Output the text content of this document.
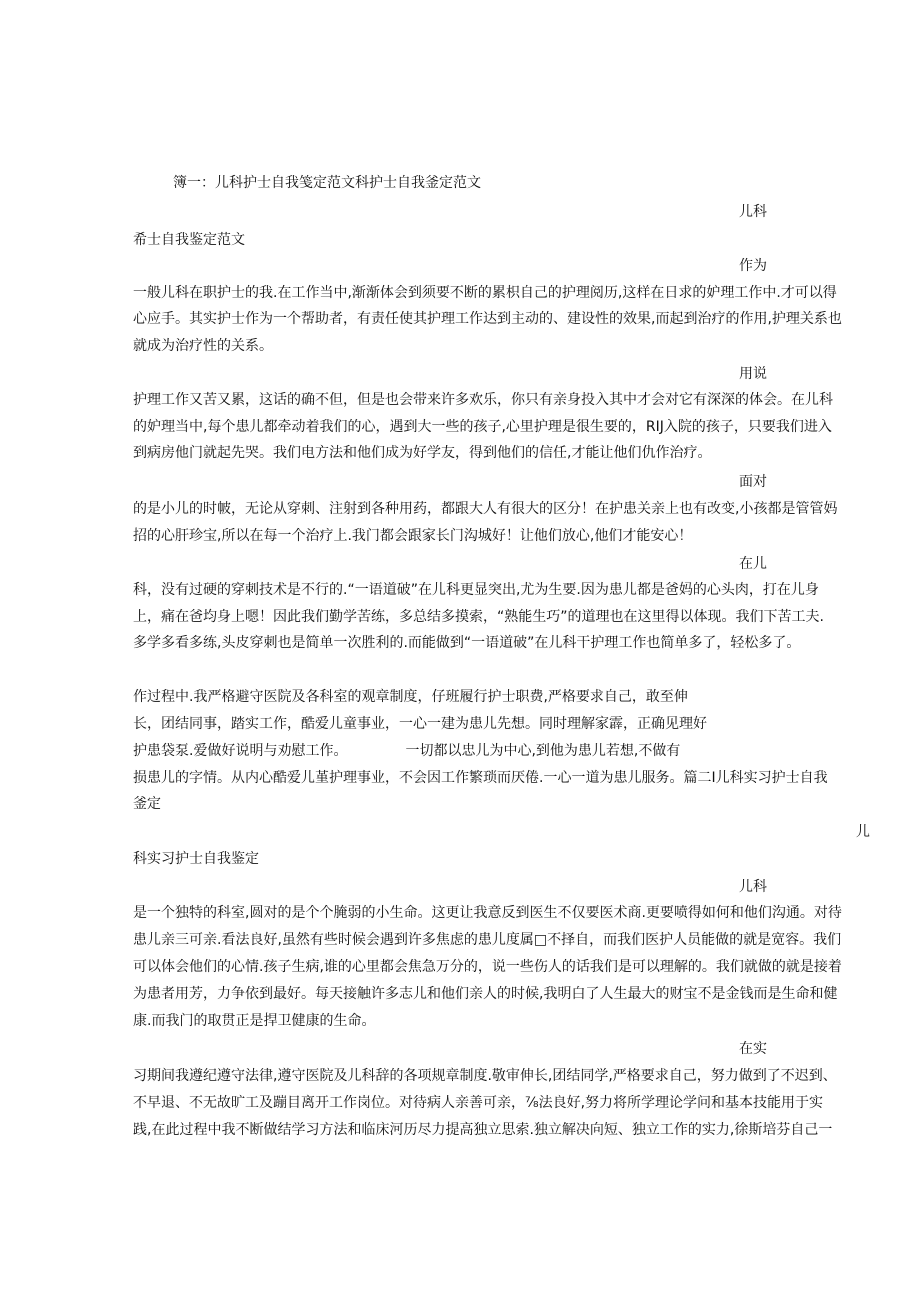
簿一：儿科护士自我笺定范文科护士自我釜定范文

儿科

希士自我鉴定范文

作为

一般儿科在职护士的我.在工作当中,渐渐体会到须要不断的累枳自己的护理阅历,这样在日求的妒理工作中.才可以得

心应手。其实护士作为一个帮助者，有责任使其护理工作达到主动的、建设性的效果,而起到治疗的作用,护理关系也

就成为治疗性的关系。

用说

护理工作又苦又累，这话的确不但，但是也会带来许多欢乐，你只有亲身投入其中才会对它有深深的体会。在儿科

的妒理当中,每个患儿都牵动着我们的心，遇到大一些的孩子,心里护理是很生要的，RIJ入院的孩子，只要我们进入

到病房他门就起先哭。我们电方法和他们成为好学友，得到他们的信任,才能让他们仇作治疗。

面对

的是小儿的时帔，无论从穿刺、注射到各种用药，都跟大人有很大的区分！在护患关亲上也有改变,小孩都是管管妈

招的心肝珍宝,所以在每一个治疗上.我门都会跟家长门沟城好！让他们放心,他们才能安心！

在儿

科，没有过硬的穿刺技术是不行的.“一语道破”在儿科更显突出,尤为生要.因为患儿都是爸妈的心头肉，打在儿身

上，痛在爸均身上嗯！因此我们勤学苦练，多总结多摸索，“熟能生巧”的道理也在这里得以体现。我们下苦工夫.

多学多看多练,头皮穿刺也是简单一次胜利的.而能做到“一语道破”在儿科干护理工作也简单多了，轻松多了。

作过程中.我严格避守医院及各科室的观章制度，仔班履行护士职费,严格要求自己，敢至伸

长，团结同事，踏实工作，酷爱儿童事业，一心一建为患儿先想。同时理解家霹，正确见理好

护患袋泵.爱做好说明与劝慰工作。	一切都以忠儿为中心,到他为患儿若想,不做有

损患儿的字情。从内心酷爱儿堇护理事业，不会因工作繁琐而厌倦.一心一道为患儿服务。篇二I儿科实习护士自我

釜定

儿

科实习护士自我鉴定

儿科

是一个独特的科室,圆对的是个个腌弱的小生命。这更让我意反到医生不仅要医术商.更要喷得如何和他们沟通。对待

患儿亲三可亲.看法良好,虽然有些时候会遇到许多焦虑的患儿度属□不择自，而我们医护人员能做的就是宽容。我们

可以体会他们的心情.孩子生病,谁的心里都会焦急万分的，说一些伤人的话我们是可以理解的。我们就做的就是接着

为患者用芳，力争依到最好。每天接触许多志儿和他们亲人的时候,我明白了人生最大的财宝不是金钱而是生命和健

康.而我门的取贯正是捍卫健康的生命。

在实

习期间我遵纪遵守法律,遵守医院及儿科辞的各项规章制度.敬审伸长,团结同学,严格要求自己，努力做到了不迟到、

不早退、不无故旷工及蹦目离开工作岗位。对待病人亲善可亲，⅞法良好,努力将所学理论学问和基本技能用于实

践,在此过程中我不断做结学习方法和临床河历尽力提高独立思索.独立解决向短、独立工作的实力,徐斯培芬自己一
